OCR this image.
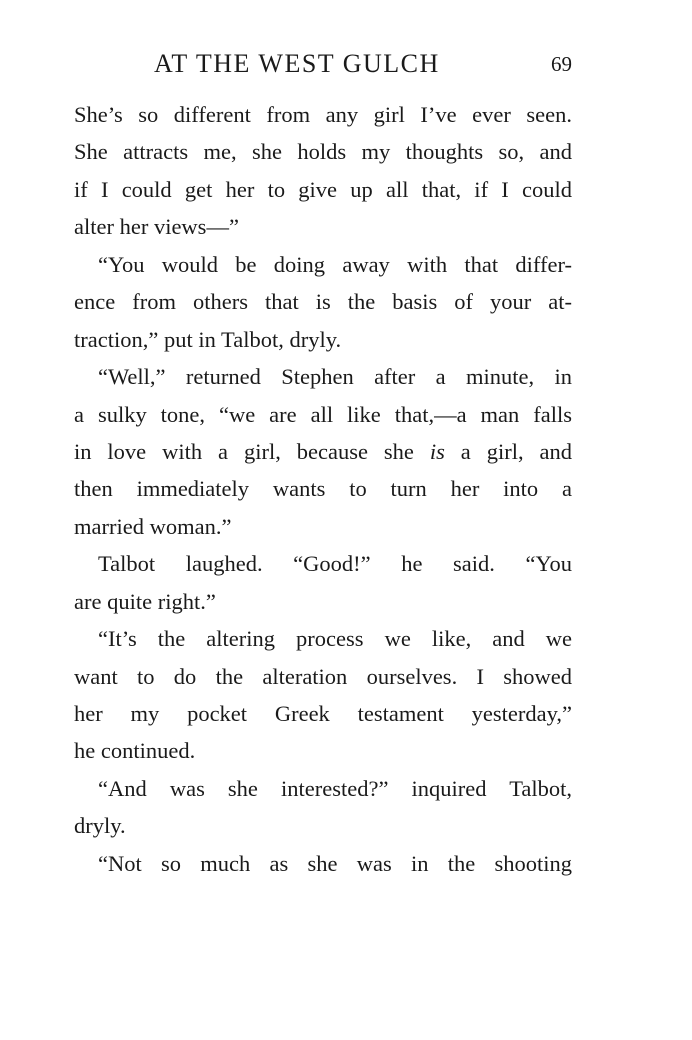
AT THE WEST GULCH	69
She’s so different from any girl I’ve ever seen.
She attracts me, she holds my thoughts so, and
if I could get her to give up all that, if I could
alter her views—”
“You would be doing away with that differ-
ence from others that is the basis of your at-
traction,” put in Talbot, dryly.
“Well,” returned Stephen after a minute, in
a sulky tone, “we are all like that,—a man falls
in love with a girl, because she is a girl, and
then immediately wants to turn her into a
married woman.”
Talbot laughed. “Good!” he said. “You
are quite right.”
“It’s the altering process we like, and we
want to do the alteration ourselves. I showed
her my pocket Greek testament yesterday,”
he continued.
“And was she interested?” inquired Talbot,
dryly.
“Not so much as she was in the shooting
